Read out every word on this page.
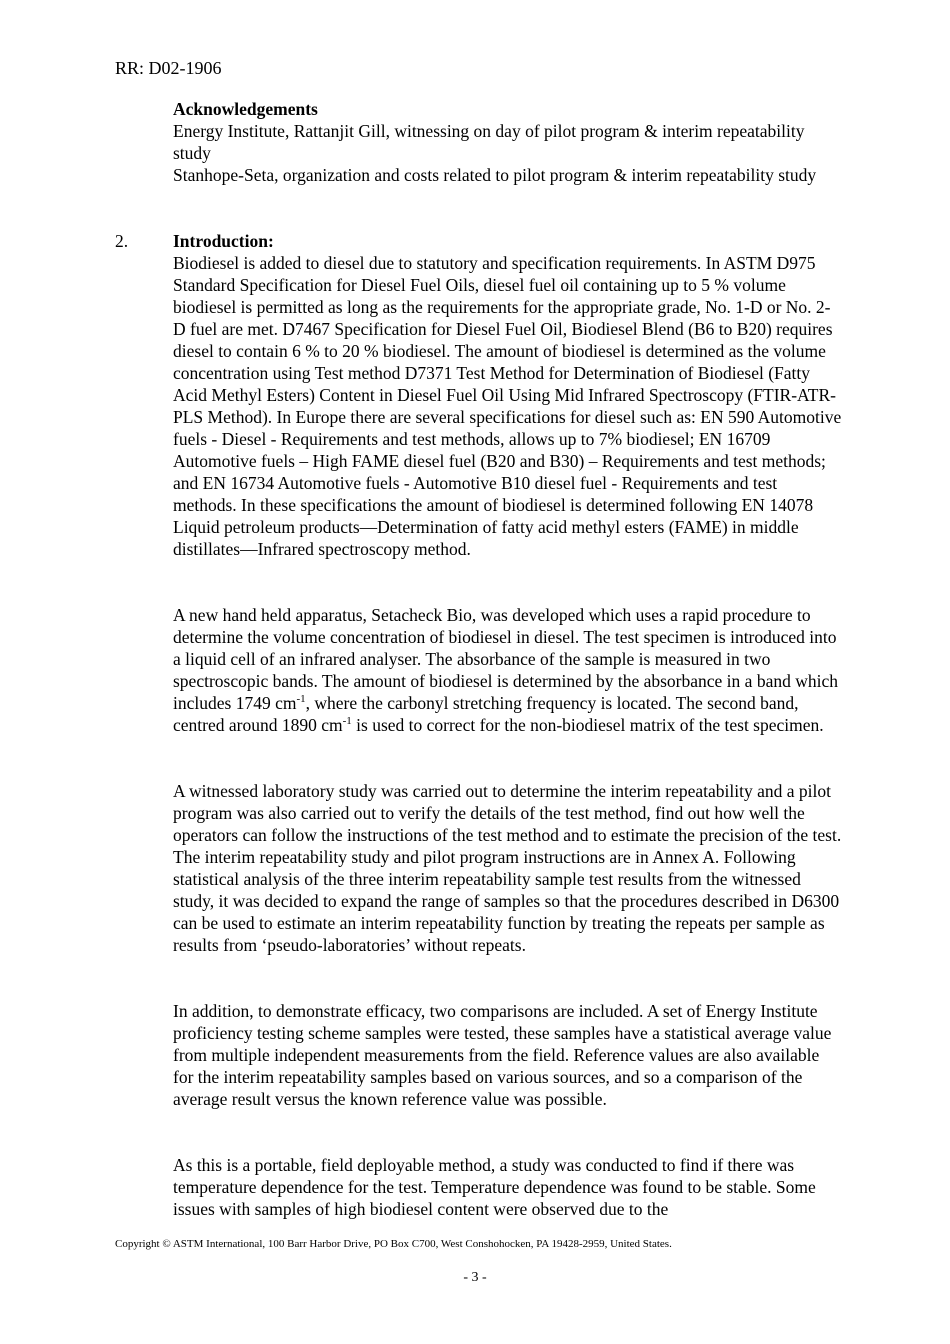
RR: D02-1906

Acknowledgements

Energy Institute, Rattanjit Gill, witnessing on day of pilot program & interim repeatability study

Stanhope-Seta, organization and costs related to pilot program & interim repeatability study

2.	Introduction:

Biodiesel is added to diesel due to statutory and specification requirements. In ASTM D975 Standard Specification for Diesel Fuel Oils, diesel fuel oil containing up to 5 % volume biodiesel is permitted as long as the requirements for the appropriate grade, No. 1-D or No. 2-D fuel are met. D7467 Specification for Diesel Fuel Oil, Biodiesel Blend (B6 to B20) requires diesel to contain 6 % to 20 % biodiesel. The amount of biodiesel is determined as the volume concentration using Test method D7371 Test Method for Determination of Biodiesel (Fatty Acid Methyl Esters) Content in Diesel Fuel Oil Using Mid Infrared Spectroscopy (FTIR-ATR-PLS Method). In Europe there are several specifications for diesel such as: EN 590 Automotive fuels - Diesel - Requirements and test methods, allows up to 7% biodiesel; EN 16709 Automotive fuels – High FAME diesel fuel (B20 and B30) – Requirements and test methods; and EN 16734 Automotive fuels - Automotive B10 diesel fuel - Requirements and test methods. In these specifications the amount of biodiesel is determined following EN 14078 Liquid petroleum products—Determination of fatty acid methyl esters (FAME) in middle distillates—Infrared spectroscopy method.

A new hand held apparatus, Setacheck Bio, was developed which uses a rapid procedure to determine the volume concentration of biodiesel in diesel. The test specimen is introduced into a liquid cell of an infrared analyser. The absorbance of the sample is measured in two spectroscopic bands. The amount of biodiesel is determined by the absorbance in a band which includes 1749 $cm^{-1}$, where the carbonyl stretching frequency is located. The second band, centred around 1890 $cm^{-1}$ is used to correct for the non-biodiesel matrix of the test specimen.

A witnessed laboratory study was carried out to determine the interim repeatability and a pilot program was also carried out to verify the details of the test method, find out how well the operators can follow the instructions of the test method and to estimate the precision of the test. The interim repeatability study and pilot program instructions are in Annex A. Following statistical analysis of the three interim repeatability sample test results from the witnessed study, it was decided to expand the range of samples so that the procedures described in D6300 can be used to estimate an interim repeatability function by treating the repeats per sample as results from ‘pseudo-laboratories’ without repeats.

In addition, to demonstrate efficacy, two comparisons are included. A set of Energy Institute proficiency testing scheme samples were tested, these samples have a statistical average value from multiple independent measurements from the field. Reference values are also available for the interim repeatability samples based on various sources, and so a comparison of the average result versus the known reference value was possible.

As this is a portable, field deployable method, a study was conducted to find if there was temperature dependence for the test. Temperature dependence was found to be stable. Some issues with samples of high biodiesel content were observed due to the

Copyright © ASTM International, 100 Barr Harbor Drive, PO Box C700, West Conshohocken, PA 19428-2959, United States.
- 3 -
